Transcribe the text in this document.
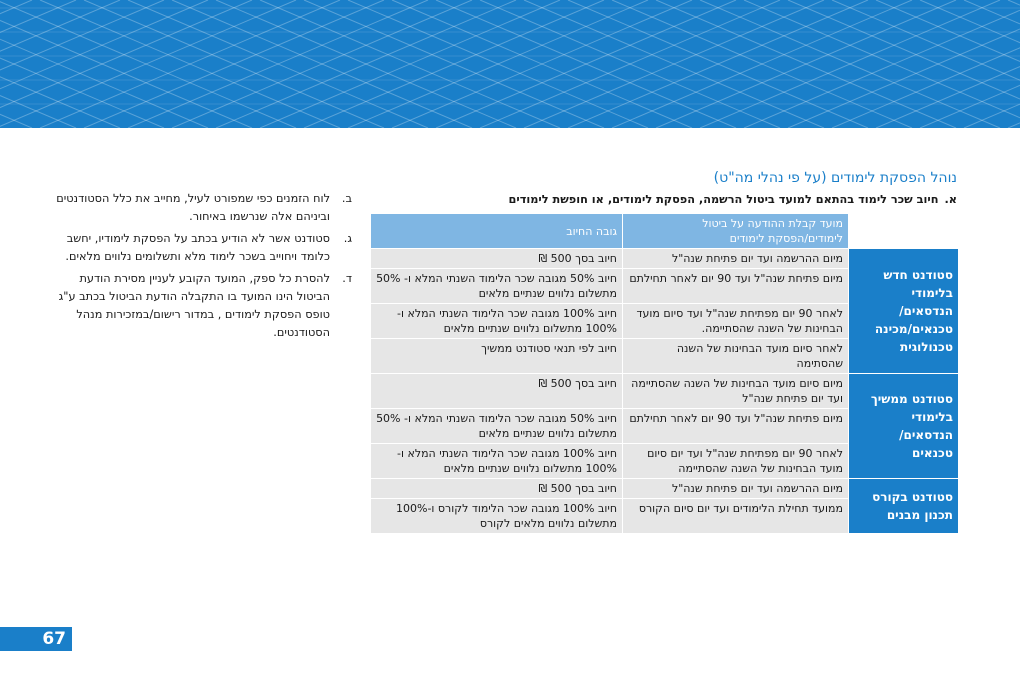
67
נוהל הפסקת לימודים (על פי נהלי מה"ט)
א.חיוב שכר לימוד בהתאם למועד ביטול הרשמה, הפסקת לימודים, או חופשת לימודים
	מועד קבלת ההודעה על ביטול לימודים/הפסקת לימודים	גובה החיוב
סטודנט חדש בלימודי הנדסאים/ טכנאים/מכינה טכנולוגית	מיום ההרשמה ועד יום פתיחת שנה"ל	חיוב בסך 500 ₪
	מיום פתיחת שנה"ל ועד 90 יום לאחר תחילתם	חיוב 50% מגובה שכר הלימוד השנתי המלא ו- 50% מתשלום נלווים שנתיים מלאים
	לאחר 90 יום מפתיחת שנה"ל ועד סיום מועד הבחינות של השנה שהסתיימה.	חיוב 100% מגובה שכר הלימוד השנתי המלא ו- 100% מתשלום נלווים שנתיים מלאים
	לאחר סיום מועד הבחינות של השנה שהסתימה	חיוב לפי תנאי סטודנט ממשיך
סטודנט ממשיך בלימודי הנדסאים/ טכנאים	מיום סיום מועד הבחינות של השנה שהסתיימה ועד יום פתיחת שנה"ל	חיוב בסך 500 ₪
	מיום פתיחת שנה"ל ועד 90 יום לאחר תחילתם	חיוב 50% מגובה שכר הלימוד השנתי המלא ו- 50% מתשלום נלווים שנתיים מלאים
	לאחר 90 יום מפתיחת שנה"ל ועד יום סיום מועד הבחינות של השנה שהסתיימה	חיוב 100% מגובה שכר הלימוד השנתי המלא ו- 100% מתשלום נלווים שנתיים מלאים
סטודנט בקורס תכנון מבנים	מיום ההרשמה ועד יום פתיחת שנה"ל	חיוב בסך 500 ₪
	ממועד תחילת הלימודים ועד יום סיום הקורס	חיוב 100% מגובה שכר הלימוד לקורס ו-100% מתשלום נלווים מלאים לקורס
ב.
לוח הזמנים כפי שמפורט לעיל, מחייב את כלל הסטודנטים וביניהם אלה שנרשמו באיחור.
ג.
סטודנט אשר לא הודיע בכתב על הפסקת לימודיו, יחשב כלומד ויחוייב בשכר לימוד מלא ותשלומים נלווים מלאים.
ד.
להסרת כל ספק, המועד הקובע לעניין מסירת הודעת הביטול הינו המועד בו התקבלה הודעת הביטול בכתב ע"ג טופס הפסקת לימודים , במדור רישום/במזכירות מנהל הסטודנטים.
